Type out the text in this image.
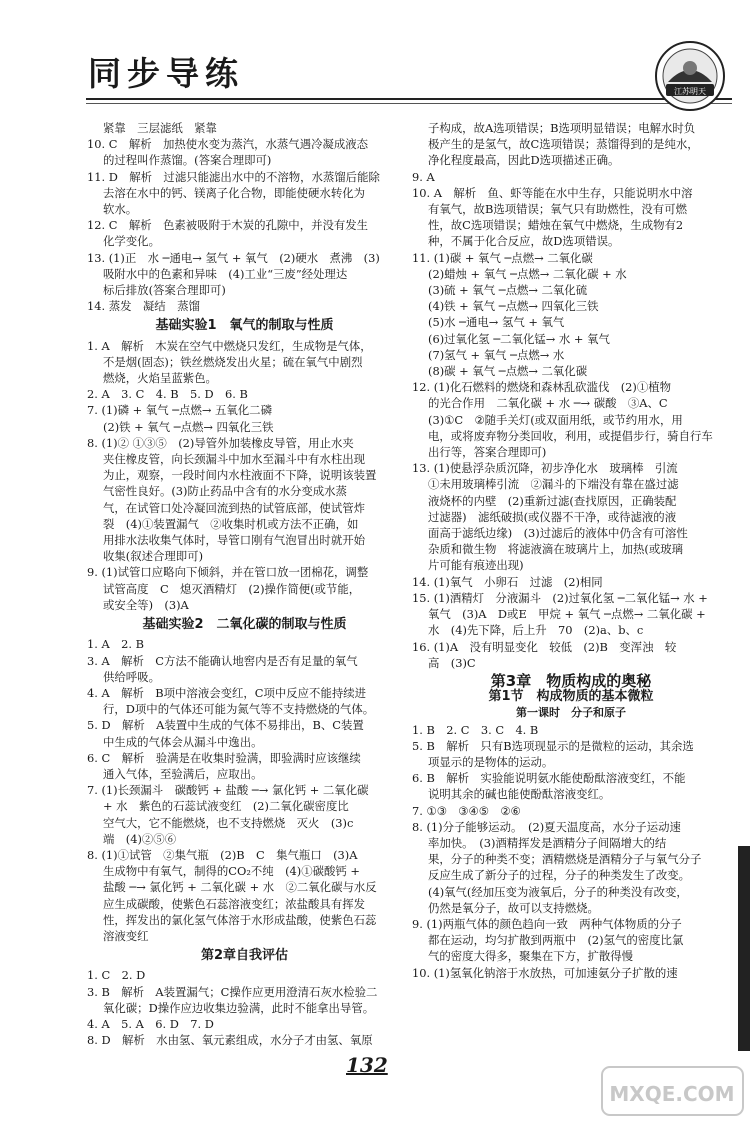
同步导练	江苏明天
紧靠　三层滤纸　紧靠
10. C　解析　加热使水变为蒸汽，水蒸气遇冷凝成液态
的过程叫作蒸馏。(答案合理即可)
11. D　解析　过滤只能滤出水中的不溶物，水蒸馏后能除
去溶在水中的钙、镁离子化合物，即能使硬水转化为
软水。
12. C　解析　色素被吸附于木炭的孔隙中，并没有发生
化学变化。
13. (1)正　水 ─通电→ 氢气 + 氧气　(2)硬水　煮沸　(3)
吸附水中的色素和异味　(4)工业“三废”经处理达
标后排放(答案合理即可)
14. 蒸发　凝结　蒸馏
基础实验1　氧气的制取与性质
1. A　解析　木炭在空气中燃烧只发红，生成物是气体，
不是烟(固态)；铁丝燃烧发出火星；硫在氧气中剧烈
燃烧，火焰呈蓝紫色。
2. A　3. C　4. B　5. D　6. B
7. (1)磷 + 氧气 ─点燃→ 五氧化二磷
(2)铁 + 氧气 ─点燃→ 四氧化三铁
8. (1)② ①③⑤　(2)导管外加装橡皮导管，用止水夹
夹住橡皮管，向长颈漏斗中加水至漏斗中有水柱出现
为止，观察，一段时间内水柱液面不下降，说明该装置
气密性良好。(3)防止药品中含有的水分变成水蒸
气，在试管口处冷凝回流到热的试管底部，使试管炸
裂　(4)①装置漏气　②收集时机或方法不正确，如
用排水法收集气体时，导管口刚有气泡冒出时就开始
收集(叙述合理即可)
9. (1)试管口应略向下倾斜，并在管口放一团棉花，调整
试管高度　C　熄灭酒精灯　(2)操作简便(或节能，
或安全等)　(3)A
基础实验2　二氧化碳的制取与性质
1. A　2. B
3. A　解析　C方法不能确认地窖内是否有足量的氧气
供给呼吸。
4. A　解析　B项中溶液会变红，C项中反应不能持续进
行，D项中的气体还可能为氮气等不支持燃烧的气体。
5. D　解析　A装置中生成的气体不易排出，B、C装置
中生成的气体会从漏斗中逸出。
6. C　解析　验满是在收集时验满，即验满时应该继续
通入气体，至验满后，应取出。
7. (1)长颈漏斗　碳酸钙 + 盐酸 ─→ 氯化钙 + 二氧化碳
+ 水　紫色的石蕊试液变红　(2)二氧化碳密度比
空气大，它不能燃烧，也不支持燃烧　灭火　(3)c
端　(4)②⑤⑥
8. (1)①试管　②集气瓶　(2)B　C　集气瓶口　(3)A
生成物中有氧气，制得的CO₂不纯　(4)①碳酸钙 +
盐酸 ─→ 氯化钙 + 二氧化碳 + 水　②二氧化碳与水反
应生成碳酸，使紫色石蕊溶液变红；浓盐酸具有挥发
性，挥发出的氯化氢气体溶于水形成盐酸，使紫色石蕊
溶液变红
第2章自我评估
1. C　2. D
3. B　解析　A装置漏气；C操作应更用澄清石灰水检验二
氧化碳；D操作应边收集边验满，此时不能拿出导管。
4. A　5. A　6. D　7. D
8. D　解析　水由氢、氧元素组成，水分子才由氢、氧原
子构成，故A选项错误；B选项明显错误；电解水时负
极产生的是氢气，故C选项错误；蒸馏得到的是纯水，
净化程度最高，因此D选项描述正确。
9. A
10. A　解析　鱼、虾等能在水中生存，只能说明水中溶
有氧气，故B选项错误；氧气只有助燃性，没有可燃
性，故C选项错误；蜡烛在氧气中燃烧，生成物有2
种，不属于化合反应，故D选项错误。
11. (1)碳 + 氧气 ─点燃→ 二氧化碳
(2)蜡烛 + 氧气 ─点燃→ 二氧化碳 + 水
(3)硫 + 氧气 ─点燃→ 二氧化硫
(4)铁 + 氧气 ─点燃→ 四氧化三铁
(5)水 ─通电→ 氢气 + 氧气
(6)过氧化氢 ─二氧化锰→ 水 + 氧气
(7)氢气 + 氧气 ─点燃→ 水
(8)碳 + 氧气 ─点燃→ 二氧化碳
12. (1)化石燃料的燃烧和森林乱砍滥伐　(2)①植物
的光合作用　二氧化碳 + 水 ─→ 碳酸　③A、C
(3)①C　②随手关灯(或双面用纸，或节约用水，用
电，或将废弃物分类回收，利用，或提倡步行，骑自行车
出行等，答案合理即可)
13. (1)使悬浮杂质沉降，初步净化水　玻璃棒　引流
①未用玻璃棒引流　②漏斗的下端没有靠在盛过滤
液烧杯的内壁　(2)重新过滤(查找原因，正确装配
过滤器)　滤纸破损(或仪器不干净，或待滤液的液
面高于滤纸边缘)　(3)过滤后的液体中仍含有可溶性
杂质和微生物　将滤液滴在玻璃片上，加热(或玻璃
片可能有痕迹出现)
14. (1)氧气　小卵石　过滤　(2)相同
15. (1)酒精灯　分液漏斗　(2)过氧化氢 ─二氧化锰→ 水 +
氧气　(3)A　D或E　甲烷 + 氧气 ─点燃→ 二氧化碳 +
水　(4)先下降，后上升　70　(2)a、b、c
16. (1)A　没有明显变化　较低　(2)B　变浑浊　较
高　(3)C
第3章　物质构成的奥秘
第1节　构成物质的基本微粒
第一课时　分子和原子
1. B　2. C　3. C　4. B
5. B　解析　只有B选项现显示的是微粒的运动，其余选
项显示的是物体的运动。
6. B　解析　实验能说明氨水能使酚酞溶液变红，不能
说明其余的碱也能使酚酞溶液变红。
7. ①③　③④⑤　②⑥
8. (1)分子能够运动。　(2)夏天温度高，水分子运动速
率加快。　(3)酒精挥发是酒精分子间隔增大的结
果，分子的种类不变；酒精燃烧是酒精分子与氧气分子
反应生成了新分子的过程，分子的种类发生了改变。
(4)氧气(经加压变为液氧后，分子的种类没有改变，
仍然是氧分子，故可以支持燃烧。
9. (1)两瓶气体的颜色趋向一致　两种气体物质的分子
都在运动，均匀扩散到两瓶中　(2)氢气的密度比氯
气的密度大得多，聚集在下方，扩散得慢
10. (1)氢氧化钠溶于水放热，可加速氨分子扩散的速
132
MXQE.COM
